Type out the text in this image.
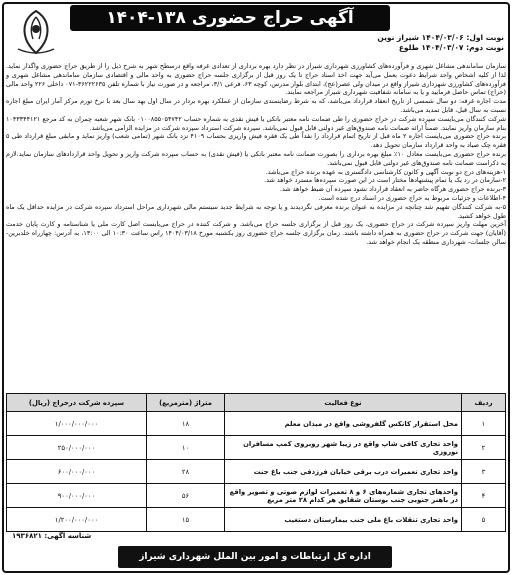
آگهی حراج حضوری ۱۳۸-۱۴۰۴
نوبت اول: ۱۴۰۴/۰۳/۰۶ شیراز نوین
نوبت دوم: ۱۴۰۴/۰۳/۰۷ طلوع

سازمان ساماندهی مشاغل شهری و فرآورده‌های کشاورزی شهرداری شیراز در نظر دارد بهره برداری از تعدادی غرفه واقع درسطح شهر به شرح ذیل را از طریق حراج حضوری واگذار نماید. لذا از کلیه اشخاص واجد شرایط دعوت بعمل می‌آید جهت اخذ اسناد حراج تا یک روز قبل از برگزاری جلسه حراج حضوری به واحد مالی و اقتصادی سازمان ساماندهی مشاغل شهری و فرآورده‌های کشاورزی شهرداری شیراز واقع در میدان ولی عصر(عج)، ابتدای بلوار مدرس، کوچه ۶۳، فرعی ۳/۱، مراجعه و در صورت نیاز با شماره تلفن ۳۶۲۲۲۶۳۵-۰۷۱ داخلی ۲۲۶ واحد مالی (حراج) تماس حاصل فرمایید و یا به سامانه شفافیت شهرداری شیراز مراجعه نمایند.

مدت اجاره غرفه: دو سال شمسی از تاریخ انعقاد قرارداد می‌باشد، که به شرط رضایتمندی سازمان از عملکرد بهره بردار در سال اول بهد سال بعد با نرخ تورم مرکز آمار ایران مبلغ اجاره نسبت به سال قبل، قابل تمدید می‌باشد.

شرکت کنندگان می‌بایست سپرده شرکت در حراج حضوری را طی ضمانت نامه معتبر بانکی یا فیش نقدی به شماره حساب ۰۱۰۰۸۵۵۰۵۴۷۴۲ بانک شهر شعبه چمران به کد مرجع ۱۰۴۳۳۴۴۱۲۱ بنام سازمان واریز نمایند. ضمناً ارائه ضمانت نامه صندوق‌های غیر دولتی قابل قبول نمی‌باشد. سپرده شرکت استرداد سپرده شرکت در مزایده الزامی می‌باشد.

برنده حراج حضوری می‌بایست اجاره ۲ ماه قبل از تاریخ اتمام قرارداد را نقداً طی یک فقره فیش واریزی بحساب ۴۱۰۹ نزد بانک شهر (تمامی شعب) واریز نماید و مابقی مبلغ قرارداد طی ۵ فقره چک صیاد به واحد قرارداد سازمان تحویل دهد.

برنده حراج حضوری می‌بایست معادل ۱۰٪ مبلغ بهره برداری را بصورت ضمانت نامه معتبر بانکی یا (فیش نقدی) به حساب سپرده شرکت واریز و تحویل واحد قراردادهای سازمان نماید.لازم به ذکراست ضمانت نامه صندوق‌های غیر دولتی قابل قبول نمی‌باشد.

۱-هزینه‌های درج دو نوبت آگهی و کانون کارشناسی دادگستری به عهده برنده حراج می‌باشد.

۲-سازمان در رد یک یا تمام پیشنهادها مختار است در این صورت سپرده‌ها مسترد خواهد شد.

۳-برنده حراج حضوری هرگاه حاضر به انعقاد قرارداد نشود سپرده آن ضبط خواهد شد.

۴-اطلاعات و جزئیات مربوط به حراج حضوری در اسناد درج شده است.

۵-به شرکت کنندگان تفهیم شد چنانچه در مزایده به عنوان برنده معرفی نگردیدند و یا توجه به شرایط جدید سیستم مالی شهرداری مراحل استرداد سپرده شرکت در مزایده حداقل یک ماه طول خواهد کشید.

آخرین مهلت واریز سپرده شرکت در حراج حضوری، یک روز قبل از برگزاری جلسه حراج می‌باشد. و شرکت کننده در حراج می‌بایست اصل کارت ملی یا شناسنامه و کارت پایان خدمت (آقایان) جهت شرکت در حراج حضوری به همراه داشته باشند. زمان برگزاری جلسه حراج حضوری روز یکشنبه مورخ ۱۴۰۴/۰۳/۱۸ راس ساعت ۱۰:۳۰ الی ۱۳:۰۰، به آدرس: چهارراه خلدبرین- سالن جلسات- شهرداری منطقه یک انجام خواهد شد.

ردیف	نوع فعالیت	متراژ (مترمربع)	سپرده شرکت درحراج (ریال)
۱	محل استقرار کانکس گلفروشی واقع در میدان معلم	۱۸	۱/۰۰۰/۰۰۰/۰۰۰
۲	واحد تجاری کافی شاپ واقع در زیبا شهر روبروی کمپ مسافران نوروزی	۱۰	۲۵۰/۰۰۰/۰۰۰
۳	واحد تجاری تعمیرات درب برقی خیابان فرزدقی جنب باغ جنت	۲۸	۶۰۰/۰۰۰/۰۰۰
۴	واحدهای تجاری شماره‌های ۶ و ۸ تعمیرات لوازم صوتی و تصویر واقع در باهنر جنوبی جنب بوستان شقایق هر کدام ۲۸ متر مربع	۵۶	۹۰۰/۰۰۰/۰۰۰
۵	واحد تجاری تنقلات باغ ملی جنب بیمارستان دستغیب	۱۵	۱/۲۰۰/۰۰۰/۰۰۰
شناسه آگهی: ۱۹۳۶۸۲۱
اداره کل ارتباطات و امور بین الملل شهرداری شیراز
